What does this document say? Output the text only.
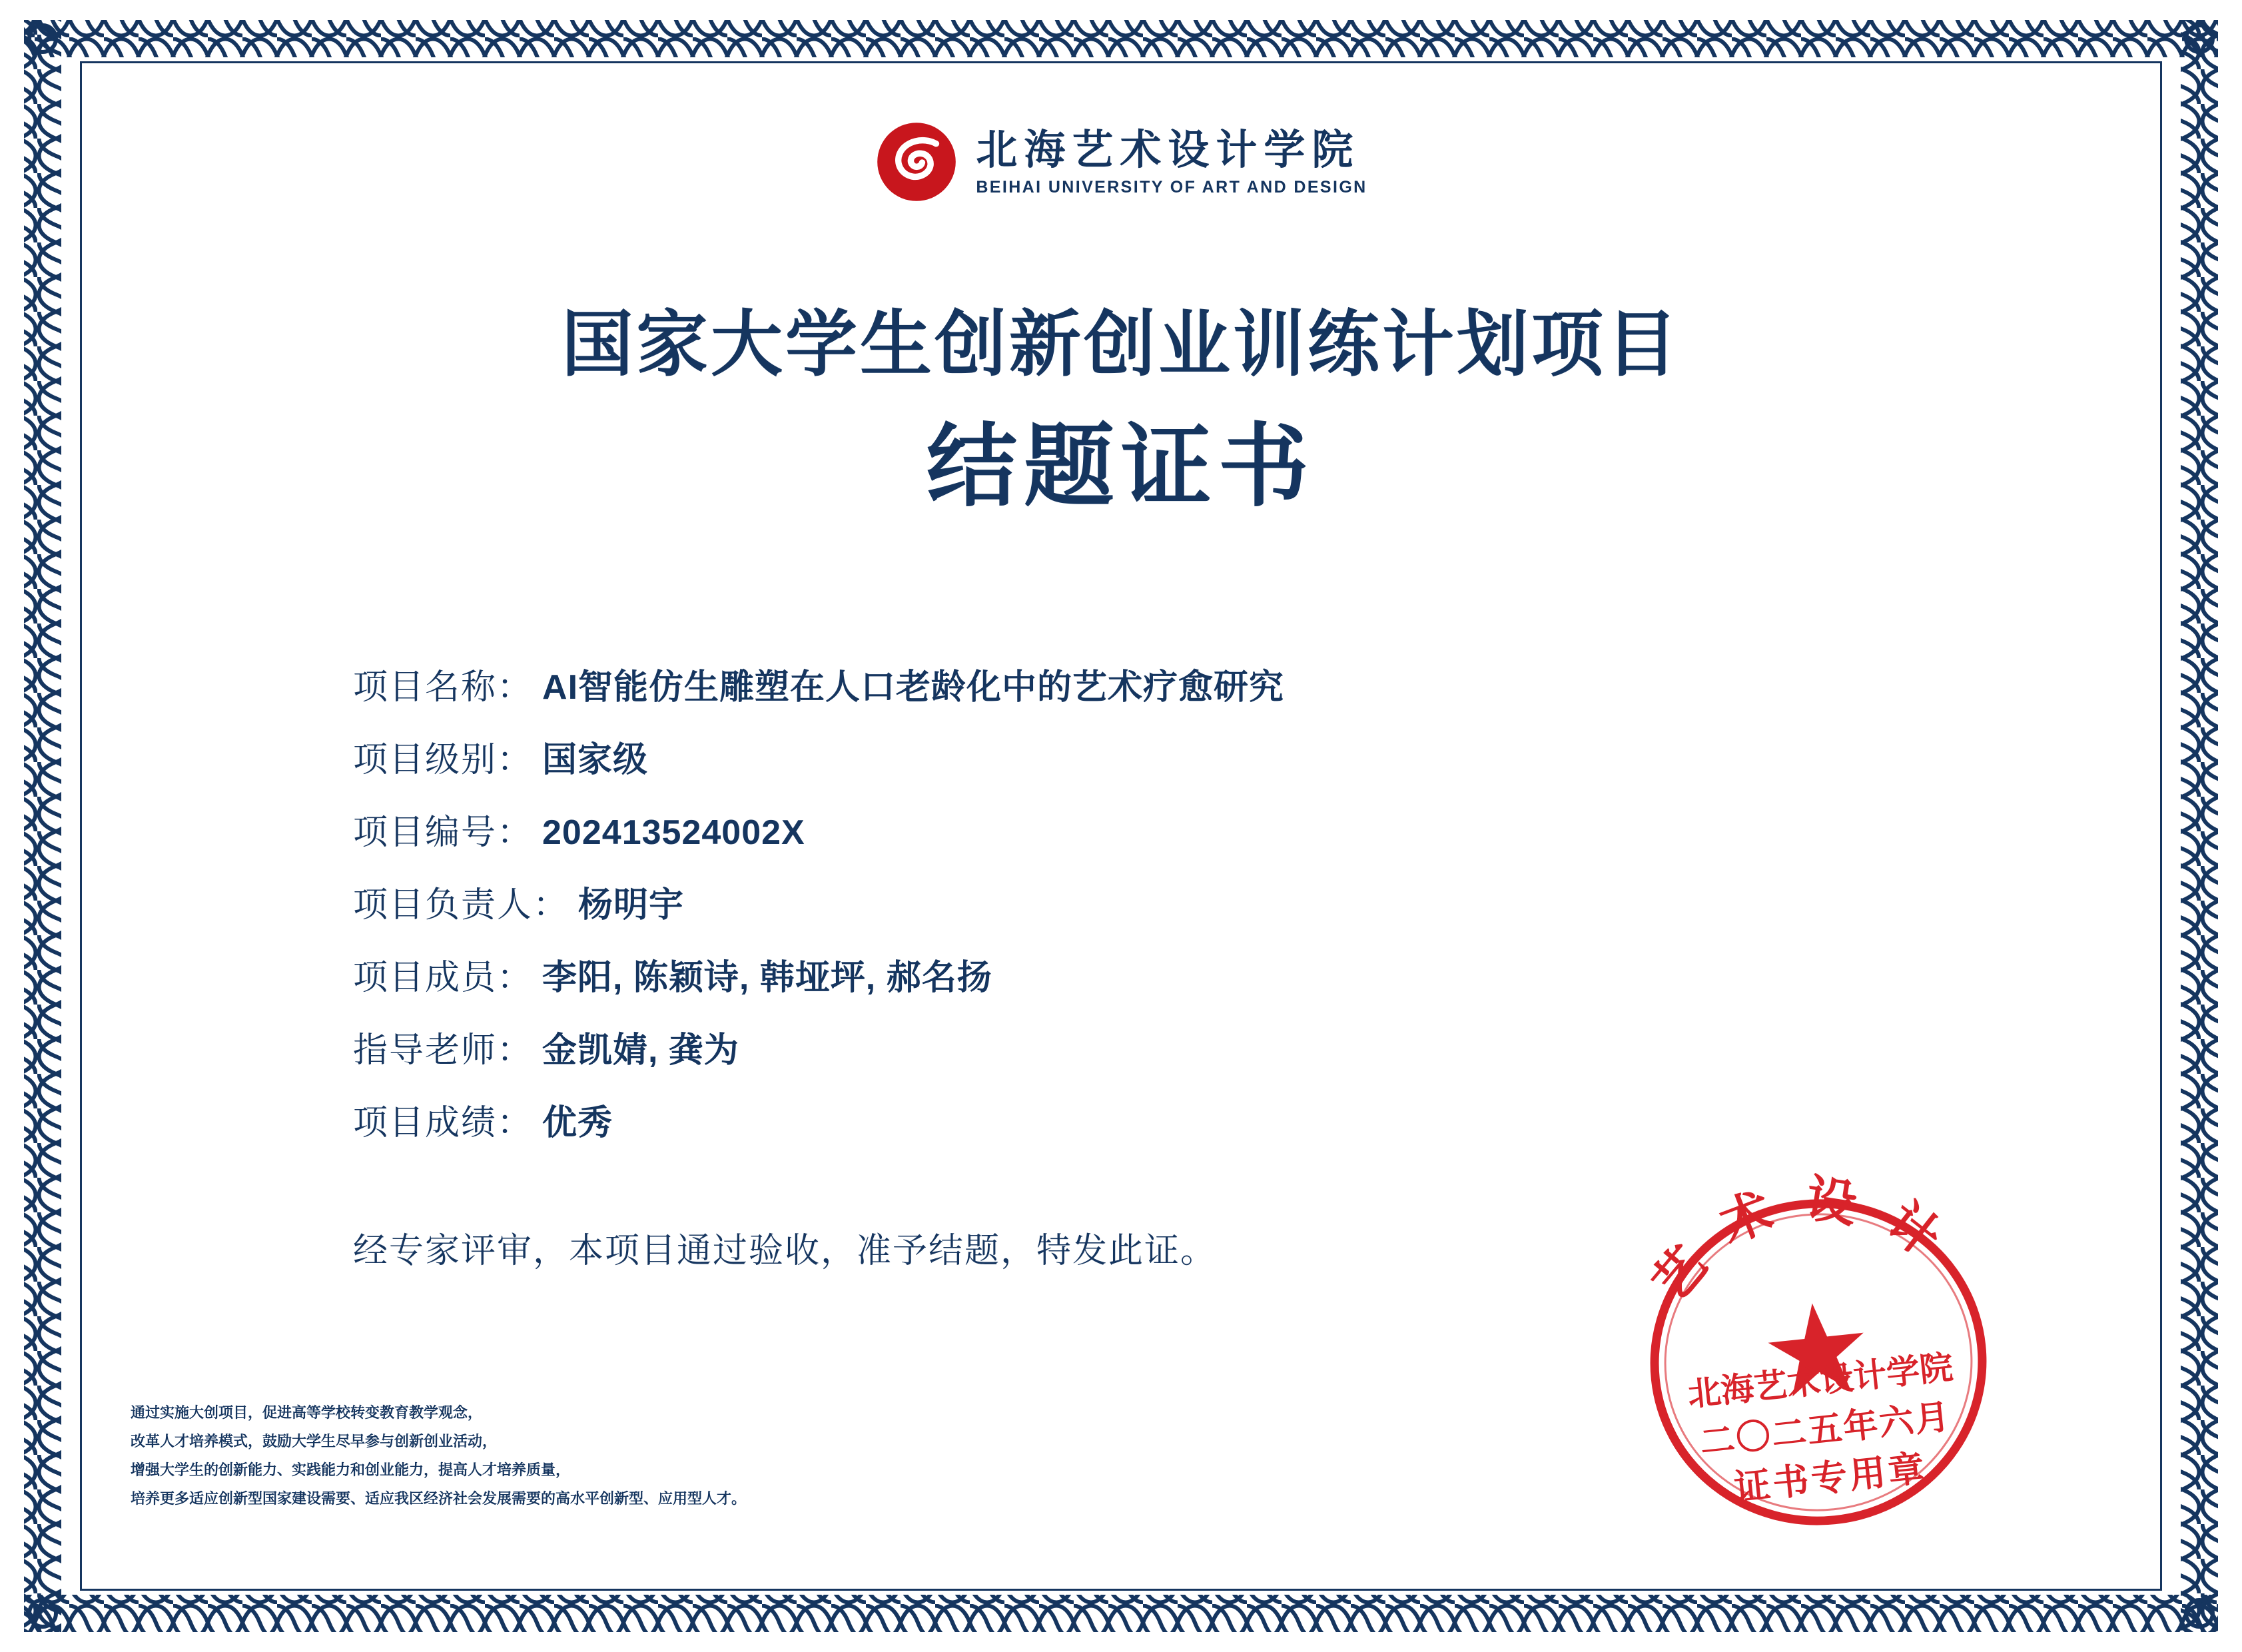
北海艺术设计学院
BEIHAI UNIVERSITY OF ART AND DESIGN
国家大学生创新创业训练计划项目
结题证书
项目名称： AI智能仿生雕塑在人口老龄化中的艺术疗愈研究
项目级别： 国家级
项目编号： 202413524002X
项目负责人： 杨明宇
项目成员： 李阳, 陈颖诗, 韩垭坪, 郝名扬
指导老师： 金凯婧, 龚为
项目成绩： 优秀
经专家评审，本项目通过验收，准予结题，特发此证。
通过实施大创项目，促进高等学校转变教育教学观念，
改革人才培养模式，鼓励大学生尽早参与创新创业活动，
增强大学生的创新能力、实践能力和创业能力，提高人才培养质量，
培养更多适应创新型国家建设需要、适应我区经济社会发展需要的高水平创新型、应用型人才。
艺术设计
北海艺术设计学院
二〇二五年六月
证书专用章
